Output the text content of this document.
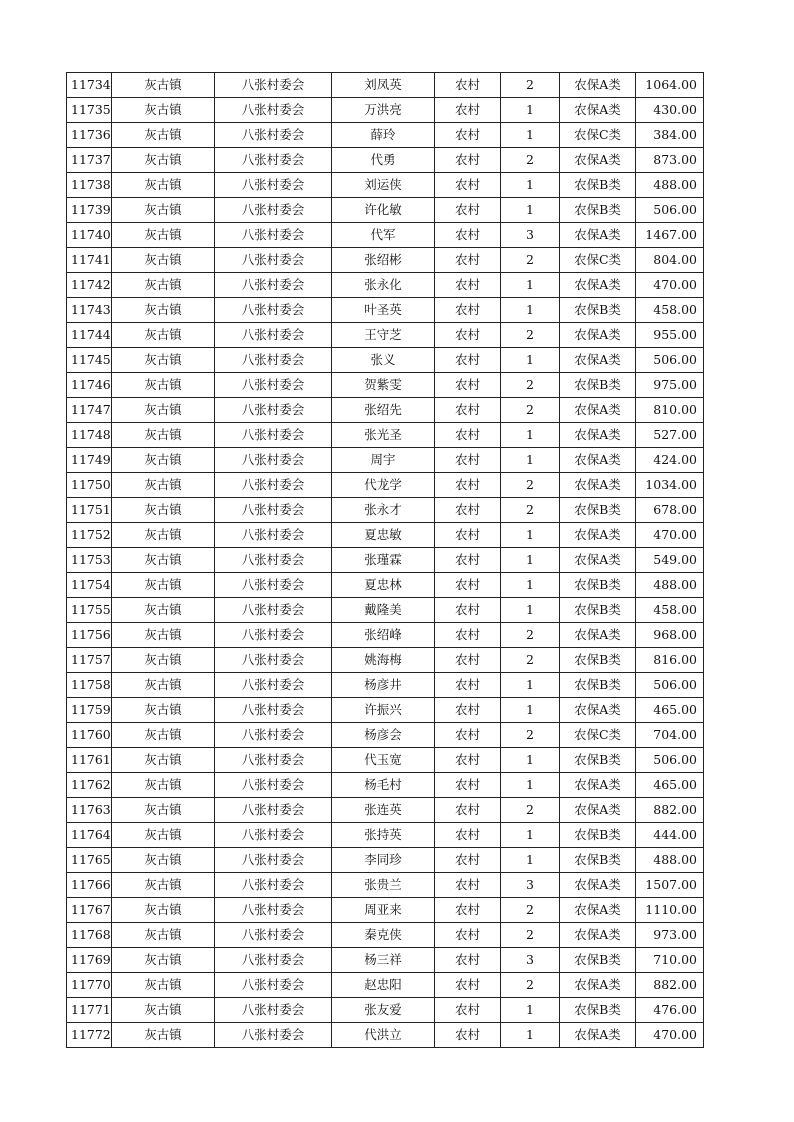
11734	灰古镇	八张村委会	刘凤英	农村	2	农保A类	1064.00
11735	灰古镇	八张村委会	万洪亮	农村	1	农保A类	430.00
11736	灰古镇	八张村委会	薛玲	农村	1	农保C类	384.00
11737	灰古镇	八张村委会	代勇	农村	2	农保A类	873.00
11738	灰古镇	八张村委会	刘运侠	农村	1	农保B类	488.00
11739	灰古镇	八张村委会	许化敏	农村	1	农保B类	506.00
11740	灰古镇	八张村委会	代军	农村	3	农保A类	1467.00
11741	灰古镇	八张村委会	张绍彬	农村	2	农保C类	804.00
11742	灰古镇	八张村委会	张永化	农村	1	农保A类	470.00
11743	灰古镇	八张村委会	叶圣英	农村	1	农保B类	458.00
11744	灰古镇	八张村委会	王守芝	农村	2	农保A类	955.00
11745	灰古镇	八张村委会	张义	农村	1	农保A类	506.00
11746	灰古镇	八张村委会	贺紫雯	农村	2	农保B类	975.00
11747	灰古镇	八张村委会	张绍先	农村	2	农保A类	810.00
11748	灰古镇	八张村委会	张光圣	农村	1	农保A类	527.00
11749	灰古镇	八张村委会	周宇	农村	1	农保A类	424.00
11750	灰古镇	八张村委会	代龙学	农村	2	农保A类	1034.00
11751	灰古镇	八张村委会	张永才	农村	2	农保B类	678.00
11752	灰古镇	八张村委会	夏忠敏	农村	1	农保A类	470.00
11753	灰古镇	八张村委会	张瑾霖	农村	1	农保A类	549.00
11754	灰古镇	八张村委会	夏忠林	农村	1	农保B类	488.00
11755	灰古镇	八张村委会	戴隆美	农村	1	农保B类	458.00
11756	灰古镇	八张村委会	张绍峰	农村	2	农保A类	968.00
11757	灰古镇	八张村委会	姚海梅	农村	2	农保B类	816.00
11758	灰古镇	八张村委会	杨彦井	农村	1	农保B类	506.00
11759	灰古镇	八张村委会	许振兴	农村	1	农保A类	465.00
11760	灰古镇	八张村委会	杨彦会	农村	2	农保C类	704.00
11761	灰古镇	八张村委会	代玉宽	农村	1	农保B类	506.00
11762	灰古镇	八张村委会	杨毛村	农村	1	农保A类	465.00
11763	灰古镇	八张村委会	张连英	农村	2	农保A类	882.00
11764	灰古镇	八张村委会	张持英	农村	1	农保B类	444.00
11765	灰古镇	八张村委会	李同珍	农村	1	农保B类	488.00
11766	灰古镇	八张村委会	张贵兰	农村	3	农保A类	1507.00
11767	灰古镇	八张村委会	周亚来	农村	2	农保A类	1110.00
11768	灰古镇	八张村委会	秦克侠	农村	2	农保A类	973.00
11769	灰古镇	八张村委会	杨三祥	农村	3	农保B类	710.00
11770	灰古镇	八张村委会	赵忠阳	农村	2	农保A类	882.00
11771	灰古镇	八张村委会	张友爱	农村	1	农保B类	476.00
11772	灰古镇	八张村委会	代洪立	农村	1	农保A类	470.00
